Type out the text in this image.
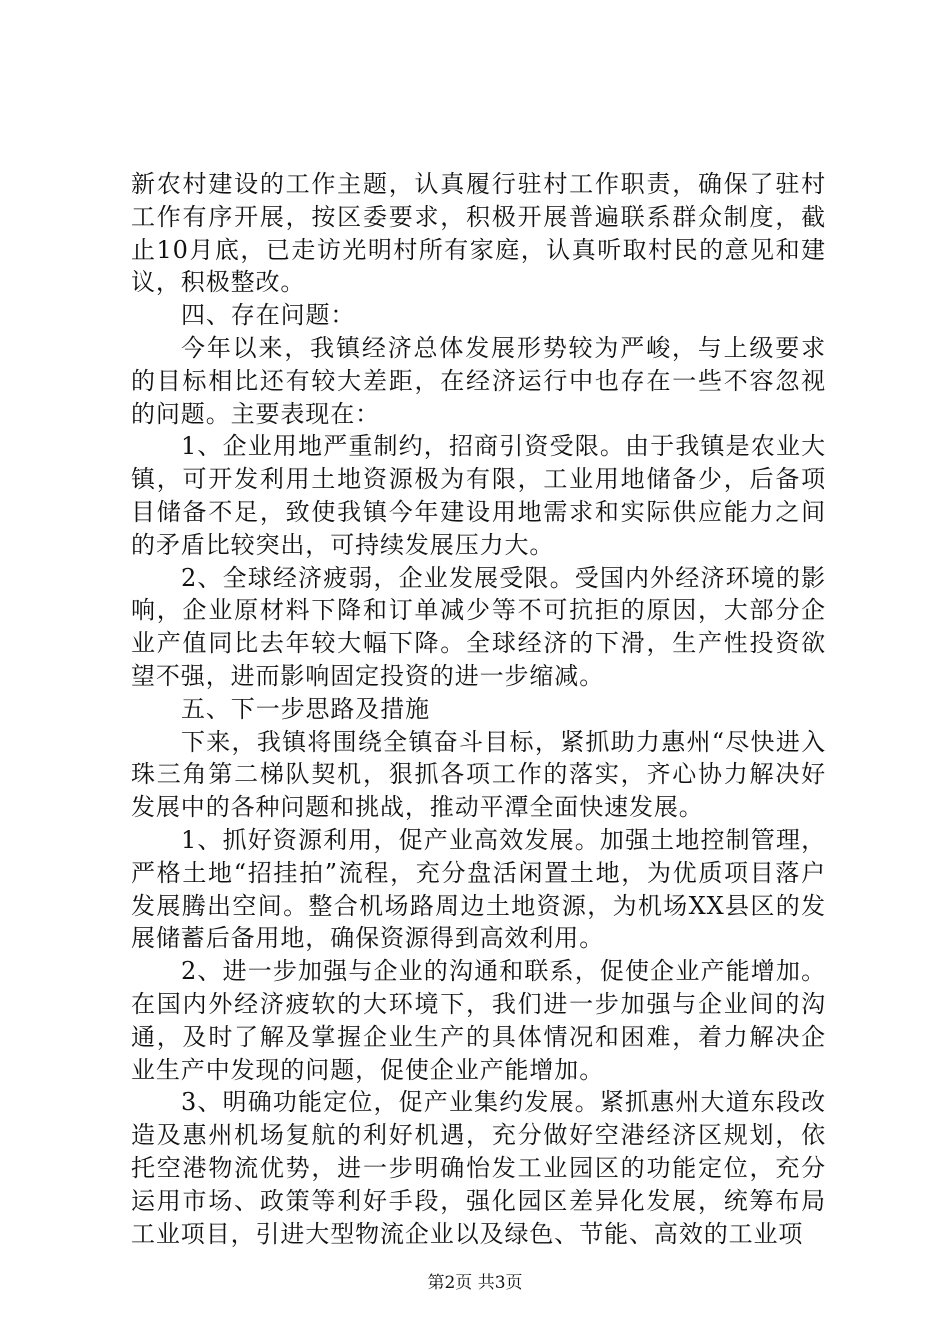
新农村建设的工作主题，认真履行驻村工作职责，确保了驻村工作有序开展，按区委要求，积极开展普遍联系群众制度，截止10月底，已走访光明村所有家庭，认真听取村民的意见和建议，积极整改。

四、存在问题：

今年以来，我镇经济总体发展形势较为严峻，与上级要求的目标相比还有较大差距，在经济运行中也存在一些不容忽视的问题。主要表现在：

1、企业用地严重制约，招商引资受限。由于我镇是农业大镇，可开发利用土地资源极为有限，工业用地储备少，后备项目储备不足，致使我镇今年建设用地需求和实际供应能力之间的矛盾比较突出，可持续发展压力大。

2、全球经济疲弱，企业发展受限。受国内外经济环境的影响，企业原材料下降和订单减少等不可抗拒的原因，大部分企业产值同比去年较大幅下降。全球经济的下滑，生产性投资欲望不强，进而影响固定投资的进一步缩减。

五、下一步思路及措施

下来，我镇将围绕全镇奋斗目标，紧抓助力惠州“尽快进入珠三角第二梯队契机，狠抓各项工作的落实，齐心协力解决好发展中的各种问题和挑战，推动平潭全面快速发展。

1、抓好资源利用，促产业高效发展。加强土地控制管理，严格土地“招挂拍”流程，充分盘活闲置土地，为优质项目落户发展腾出空间。整合机场路周边土地资源，为机场XX县区的发展储蓄后备用地，确保资源得到高效利用。

2、进一步加强与企业的沟通和联系，促使企业产能增加。在国内外经济疲软的大环境下，我们进一步加强与企业间的沟通，及时了解及掌握企业生产的具体情况和困难，着力解决企业生产中发现的问题，促使企业产能增加。

3、明确功能定位，促产业集约发展。紧抓惠州大道东段改造及惠州机场复航的利好机遇，充分做好空港经济区规划，依托空港物流优势，进一步明确怡发工业园区的功能定位，充分运用市场、政策等利好手段，强化园区差异化发展，统筹布局工业项目，引进大型物流企业以及绿色、节能、高效的工业项

第2页 共3页
